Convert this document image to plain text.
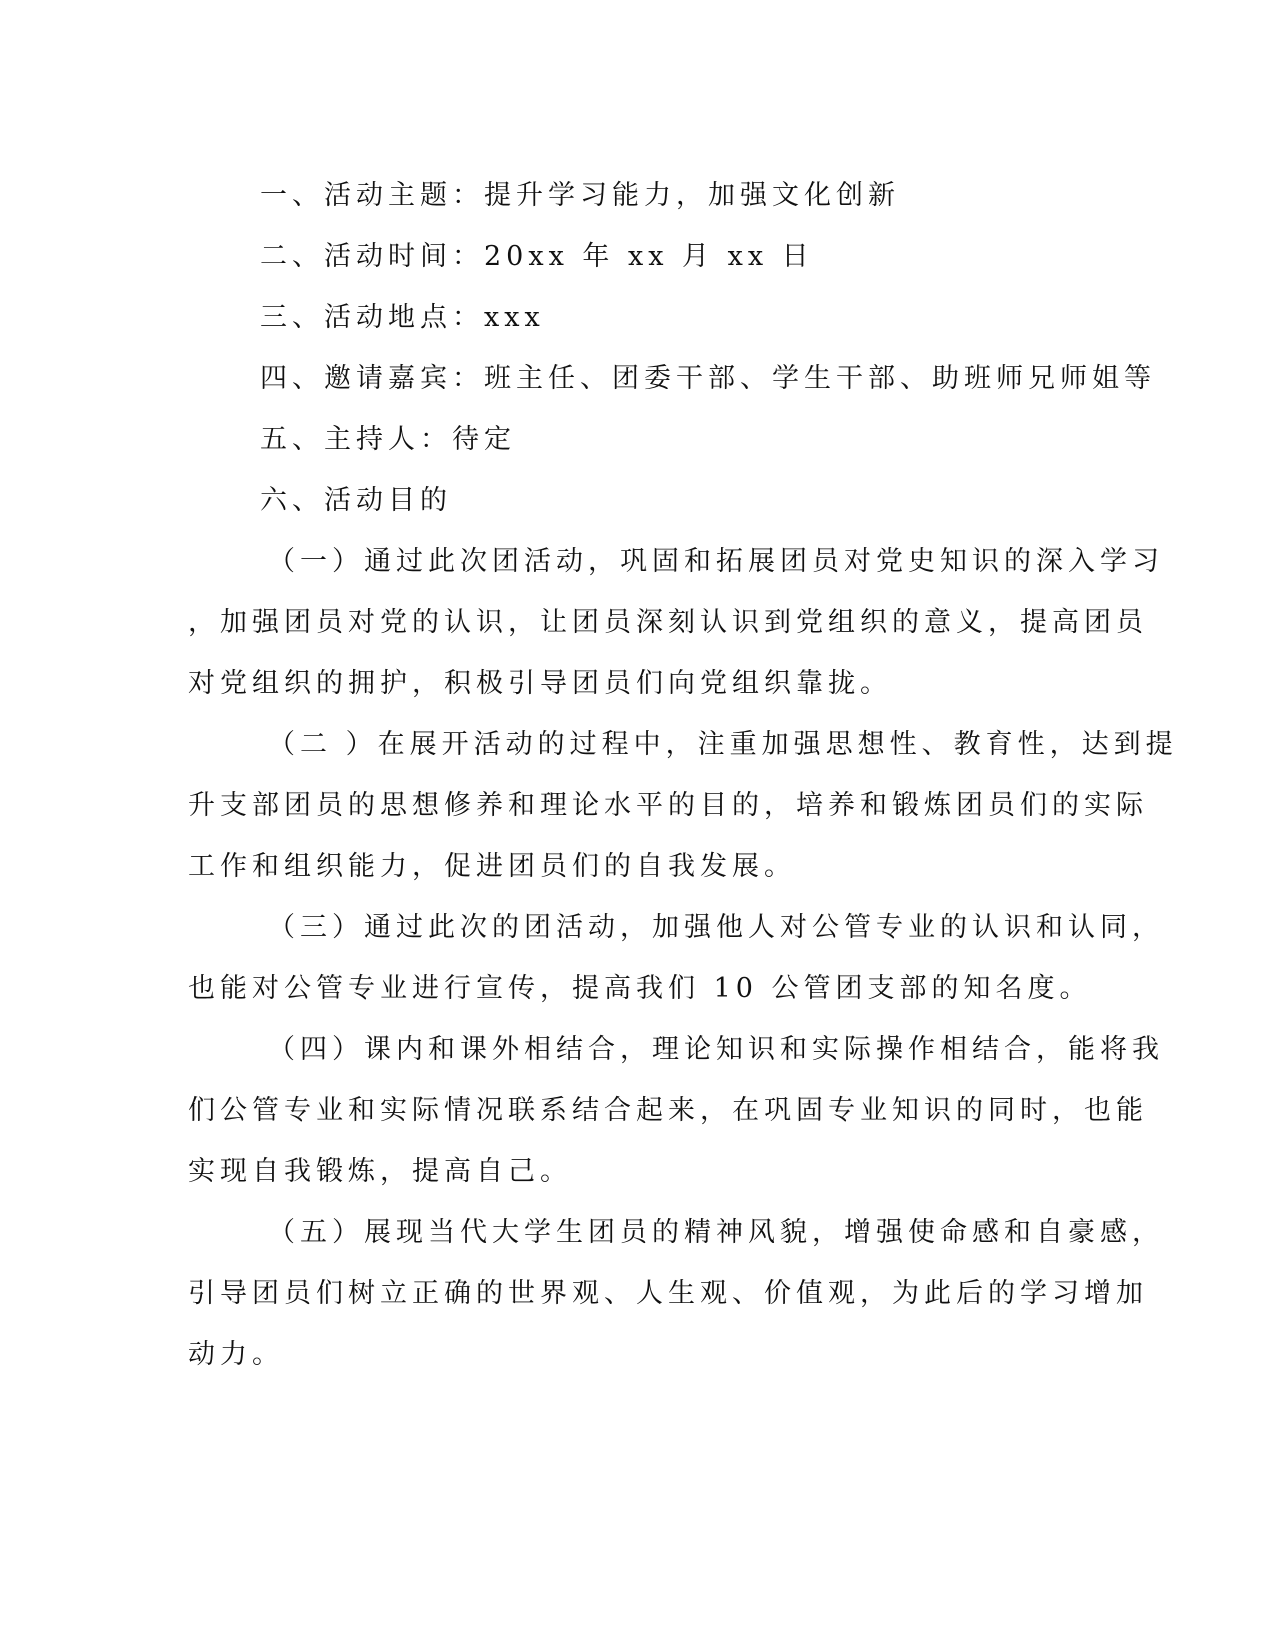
一、活动主题：提升学习能力，加强文化创新
二、活动时间：20xx 年 xx 月 xx 日
三、活动地点：xxx
四、邀请嘉宾：班主任、团委干部、学生干部、助班师兄师姐等
五、主持人：待定
六、活动目的
（一）通过此次团活动，巩固和拓展团员对党史知识的深入学习
，加强团员对党的认识，让团员深刻认识到党组织的意义，提高团员
对党组织的拥护，积极引导团员们向党组织靠拢。
（二 ）在展开活动的过程中，注重加强思想性、教育性，达到提
升支部团员的思想修养和理论水平的目的，培养和锻炼团员们的实际
工作和组织能力，促进团员们的自我发展。
（三）通过此次的团活动，加强他人对公管专业的认识和认同，
也能对公管专业进行宣传，提高我们 10 公管团支部的知名度。
（四）课内和课外相结合，理论知识和实际操作相结合，能将我
们公管专业和实际情况联系结合起来，在巩固专业知识的同时，也能
实现自我锻炼，提高自己。
（五）展现当代大学生团员的精神风貌，增强使命感和自豪感，
引导团员们树立正确的世界观、人生观、价值观，为此后的学习增加
动力。
